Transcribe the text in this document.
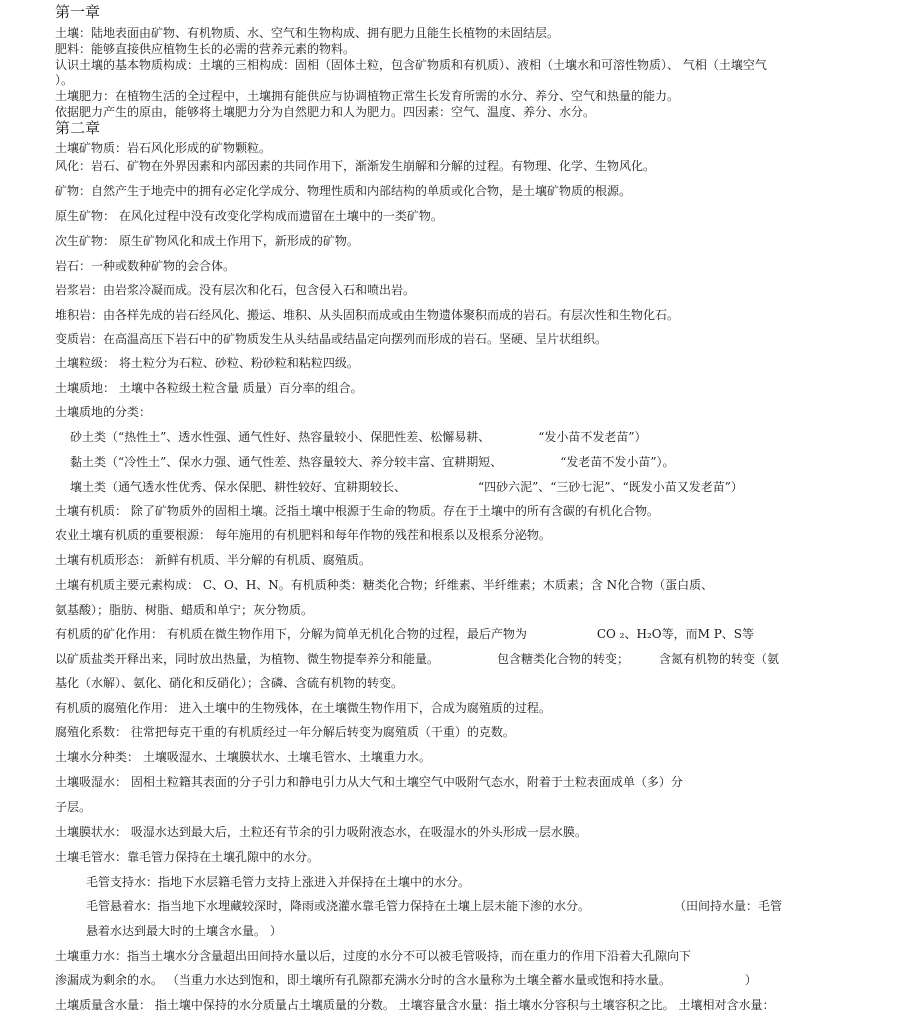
第一章
土壤：陆地表面由矿物、有机物质、水、空气和生物构成、拥有肥力且能生长植物的未固结层。
肥料：能够直接供应植物生长的必需的营养元素的物料。
认识土壤的基本物质构成：土壤的三相构成：固相（固体土粒，包含矿物质和有机质）、液相（土壤水和可溶性物质）、 气相（土壤空气
）。
土壤肥力：在植物生活的全过程中，土壤拥有能供应与协调植物正常生长发育所需的水分、养分、空气和热量的能力。
依据肥力产生的原由，能够将土壤肥力分为自然肥力和人为肥力。四因素：空气、温度、养分、水分。
第二章
土壤矿物质：岩石风化形成的矿物颗粒。
风化：岩石、矿物在外界因素和内部因素的共同作用下，渐渐发生崩解和分解的过程。有物理、化学、生物风化。
矿物：自然产生于地壳中的拥有必定化学成分、物理性质和内部结构的单质或化合物，是土壤矿物质的根源。
原生矿物： 在风化过程中没有改变化学构成而遗留在土壤中的一类矿物。
次生矿物： 原生矿物风化和成土作用下，新形成的矿物。
岩石：一种或数种矿物的会合体。
岩浆岩：由岩浆冷凝而成。没有层次和化石，包含侵入石和喷出岩。
堆积岩：由各样先成的岩石经风化、搬运、堆积、从头固积而成或由生物遗体聚积而成的岩石。有层次性和生物化石。
变质岩：在高温高压下岩石中的矿物质发生从头结晶或结晶定向摆列而形成的岩石。坚硬、呈片状组织。
土壤粒级： 将土粒分为石粒、砂粒、粉砂粒和粘粒四级。
土壤质地： 土壤中各粒级土粒含量 质量）百分率的组合。
土壤质地的分类：
砂土类（“热性土”、透水性强、通气性好、热容量较小、保肥性差、松懈易耕、	“发小苗不发老苗”）
黏土类（“冷性土”、保水力强、通气性差、热容量较大、养分较丰富、宜耕期短、	“发老苗不发小苗”）。
壤土类（通气透水性优秀、保水保肥、耕性较好、宜耕期较长、	“四砂六泥”、“三砂七泥”、“既发小苗又发老苗”）
土壤有机质： 除了矿物质外的固相土壤。泛指土壤中根源于生命的物质。存在于土壤中的所有含碳的有机化合物。
农业土壤有机质的重要根源： 每年施用的有机肥料和每年作物的残茬和根系以及根系分泌物。
土壤有机质形态： 新鲜有机质、半分解的有机质、腐殖质。
土壤有机质主要元素构成： C、O、H、N。有机质种类：糖类化合物；纤维素、半纤维素；木质素；含 N化合物（蛋白质、
氨基酸）；脂肪、树脂、蜡质和单宁；灰分物质。
有机质的矿化作用： 有机质在微生物作用下，分解为简单无机化合物的过程，最后产物为	CO ₂、H₂O等，而M P、S等
以矿质盐类开释出来，同时放出热量，为植物、微生物提奉养分和能量。	包含糖类化合物的转变；	含氮有机物的转变（氨
基化（水解）、氨化、硝化和反硝化）；含磷、含硫有机物的转变。
有机质的腐殖化作用： 进入土壤中的生物残体，在土壤微生物作用下，合成为腐殖质的过程。
腐殖化系数： 往常把每克干重的有机质经过一年分解后转变为腐殖质（干重）的克数。
土壤水分种类： 土壤吸湿水、土壤膜状水、土壤毛管水、土壤重力水。
土壤吸湿水： 固相土粒籍其表面的分子引力和静电引力从大气和土壤空气中吸附气态水，附着于土粒表面成单（多）分
子层。
土壤膜状水： 吸湿水达到最大后，土粒还有节余的引力吸附液态水，在吸湿水的外头形成一层水膜。
土壤毛管水：靠毛管力保持在土壤孔隙中的水分。
毛管支持水：指地下水层籍毛管力支持上涨进入并保持在土壤中的水分。
毛管悬着水：指当地下水埋藏较深时，降雨或浇灌水靠毛管力保持在土壤上层未能下渗的水分。	（田间持水量：毛管
悬着水达到最大时的土壤含水量。 ）
土壤重力水：指当土壤水分含量超出田间持水量以后，过度的水分不可以被毛管吸持，而在重力的作用下沿着大孔隙向下
渗漏成为剩余的水。 （当重力水达到饱和，即土壤所有孔隙都充满水分时的含水量称为土壤全蓄水量或饱和持水量。	）
土壤质量含水量： 指土壤中保持的水分质量占土壤质量的分数。 土壤容量含水量：指土壤水分容积与土壤容积之比。 土壤相对含水量：
